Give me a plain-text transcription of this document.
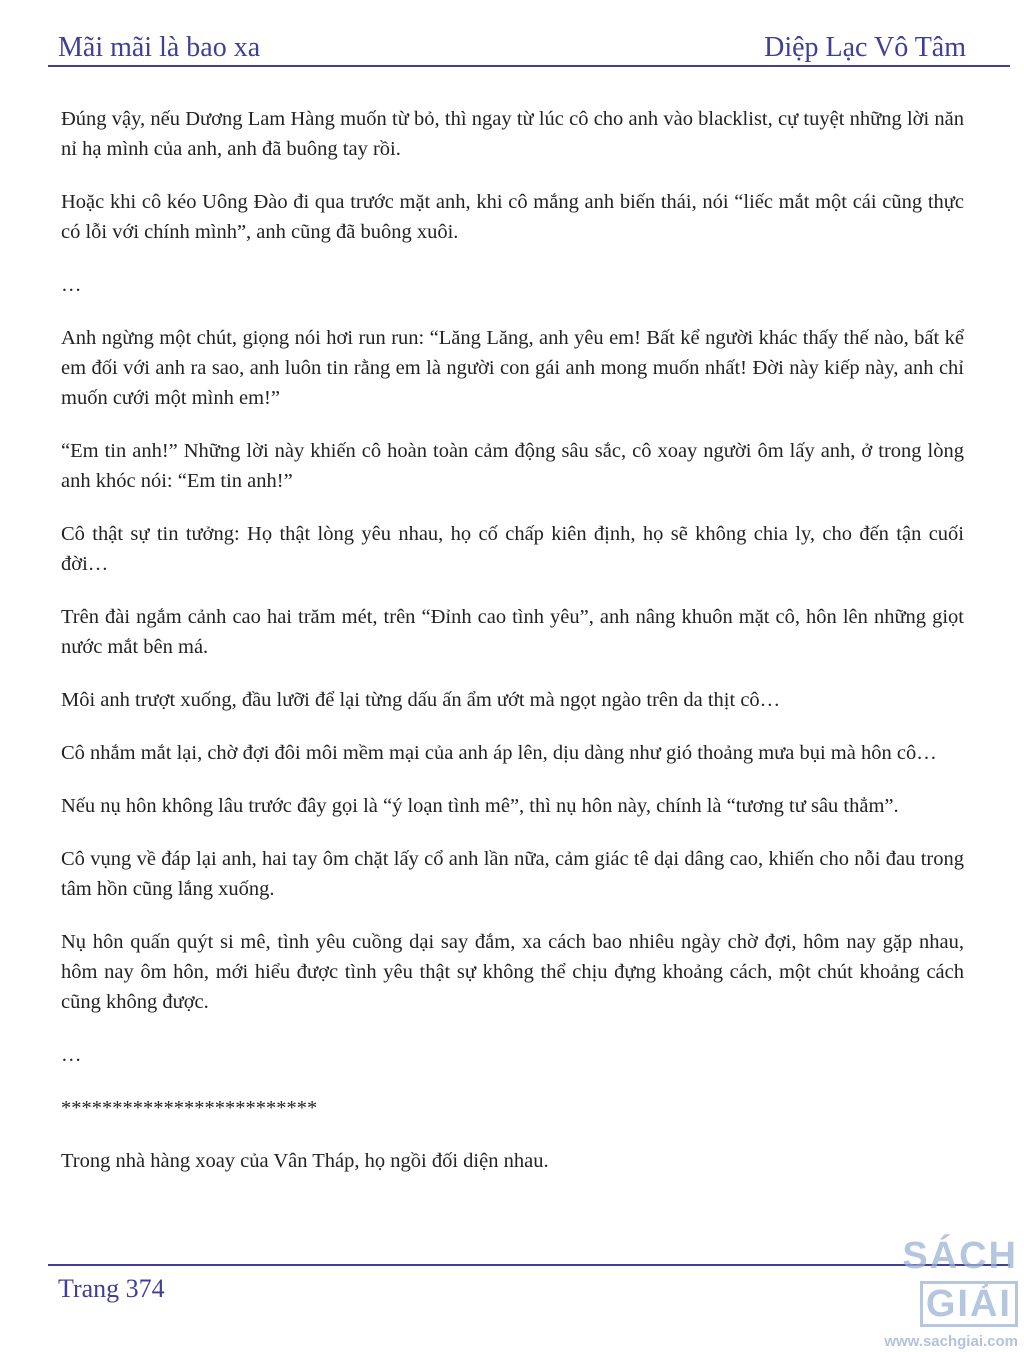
Mãi mãi là bao xa	Diệp Lạc Vô Tâm

Đúng vậy, nếu Dương Lam Hàng muốn từ bỏ, thì ngay từ lúc cô cho anh vào blacklist, cự tuyệt những lời năn nỉ hạ mình của anh, anh đã buông tay rồi.

Hoặc khi cô kéo Uông Đào đi qua trước mặt anh, khi cô mắng anh biến thái, nói “liếc mắt một cái cũng thực có lỗi với chính mình”, anh cũng đã buông xuôi.

…

Anh ngừng một chút, giọng nói hơi run run: “Lăng Lăng, anh yêu em! Bất kể người khác thấy thế nào, bất kể em đối với anh ra sao, anh luôn tin rằng em là người con gái anh mong muốn nhất! Đời này kiếp này, anh chỉ muốn cưới một mình em!”

“Em tin anh!” Những lời này khiến cô hoàn toàn cảm động sâu sắc, cô xoay người ôm lấy anh, ở trong lòng anh khóc nói: “Em tin anh!”

Cô thật sự tin tưởng: Họ thật lòng yêu nhau, họ cố chấp kiên định, họ sẽ không chia ly, cho đến tận cuối đời…

Trên đài ngắm cảnh cao hai trăm mét, trên “Đỉnh cao tình yêu”, anh nâng khuôn mặt cô, hôn lên những giọt nước mắt bên má.

Môi anh trượt xuống, đầu lưỡi để lại từng dấu ấn ẩm ướt mà ngọt ngào trên da thịt cô…

Cô nhắm mắt lại, chờ đợi đôi môi mềm mại của anh áp lên, dịu dàng như gió thoảng mưa bụi mà hôn cô…

Nếu nụ hôn không lâu trước đây gọi là “ý loạn tình mê”, thì nụ hôn này, chính là “tương tư sâu thẳm”.

Cô vụng về đáp lại anh, hai tay ôm chặt lấy cổ anh lần nữa, cảm giác tê dại dâng cao, khiến cho nỗi đau trong tâm hồn cũng lắng xuống.

Nụ hôn quấn quýt si mê, tình yêu cuồng dại say đắm, xa cách bao nhiêu ngày chờ đợi, hôm nay gặp nhau, hôm nay ôm hôn, mới hiểu được tình yêu thật sự không thể chịu đựng khoảng cách, một chút khoảng cách cũng không được.

…

*************************

Trong nhà hàng xoay của Vân Tháp, họ ngồi đối diện nhau.

Trang 374
SÁCHGIẢI
www.sachgiai.com
